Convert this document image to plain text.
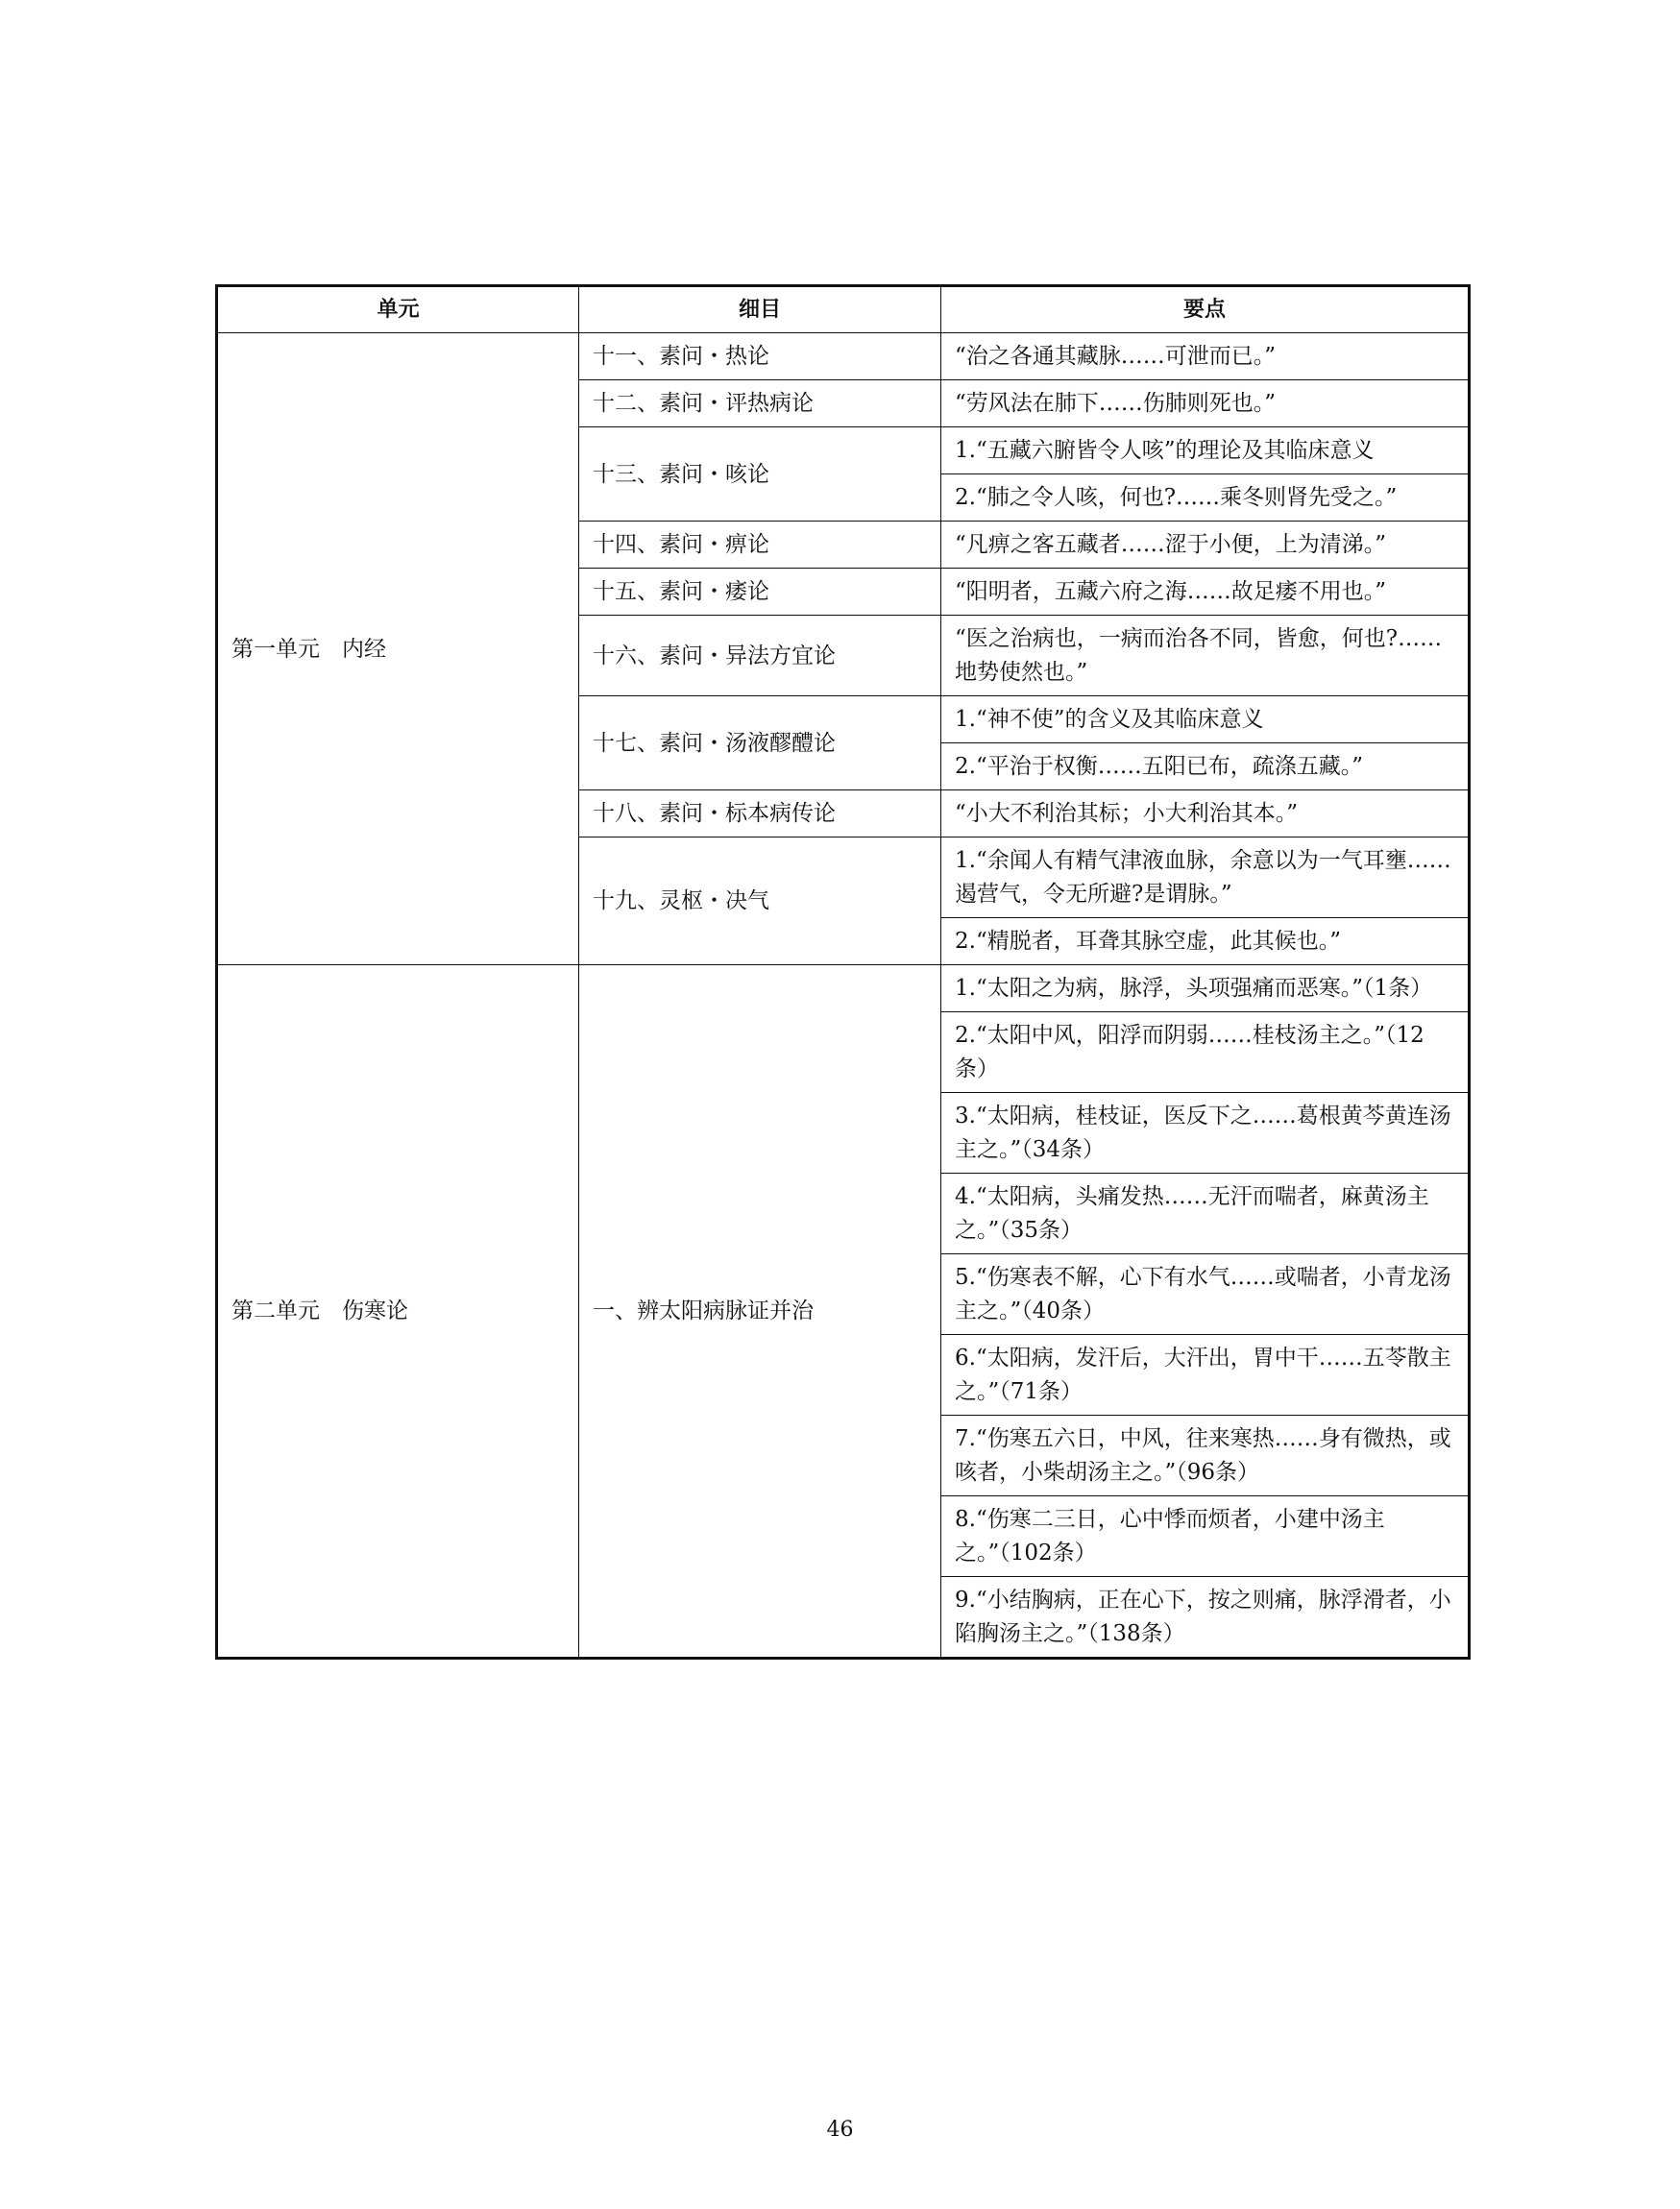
单元	细目	要点
第一单元　内经	十一、素问・热论	“治之各通其藏脉……可泄而已。”
	十二、素问・评热病论	“劳风法在肺下……伤肺则死也。”
	十三、素问・咳论	1.“五藏六腑皆令人咳”的理论及其临床意义
		2.“肺之令人咳，何也?……乘冬则肾先受之。”
	十四、素问・痹论	“凡痹之客五藏者……涩于小便，上为清涕。”
	十五、素问・痿论	“阳明者，五藏六府之海……故足痿不用也。”
	十六、素问・异法方宜论	“医之治病也，一病而治各不同，皆愈，何也?……地势使然也。”
	十七、素问・汤液醪醴论	1.“神不使”的含义及其临床意义
		2.“平治于权衡……五阳已布，疏涤五藏。”
	十八、素问・标本病传论	“小大不利治其标；小大利治其本。”
	十九、灵枢・决气	1.“余闻人有精气津液血脉，余意以为一气耳壅……遏营气，令无所避?是谓脉。”
		2.“精脱者，耳聋其脉空虚，此其候也。”
第二单元　伤寒论	一、辨太阳病脉证并治	1.“太阳之为病，脉浮，头项强痛而恶寒。”（1条）
		2.“太阳中风，阳浮而阴弱……桂枝汤主之。”（12条）
		3.“太阳病，桂枝证，医反下之……葛根黄芩黄连汤主之。”（34条）
		4.“太阳病，头痛发热……无汗而喘者，麻黄汤主之。”（35条）
		5.“伤寒表不解，心下有水气……或喘者，小青龙汤主之。”（40条）
		6.“太阳病，发汗后，大汗出，胃中干……五苓散主之。”（71条）
		7.“伤寒五六日，中风，往来寒热……身有微热，或咳者，小柴胡汤主之。”（96条）
		8.“伤寒二三日，心中悸而烦者，小建中汤主之。”（102条）
		9.“小结胸病，正在心下，按之则痛，脉浮滑者，小陷胸汤主之。”（138条）
46
